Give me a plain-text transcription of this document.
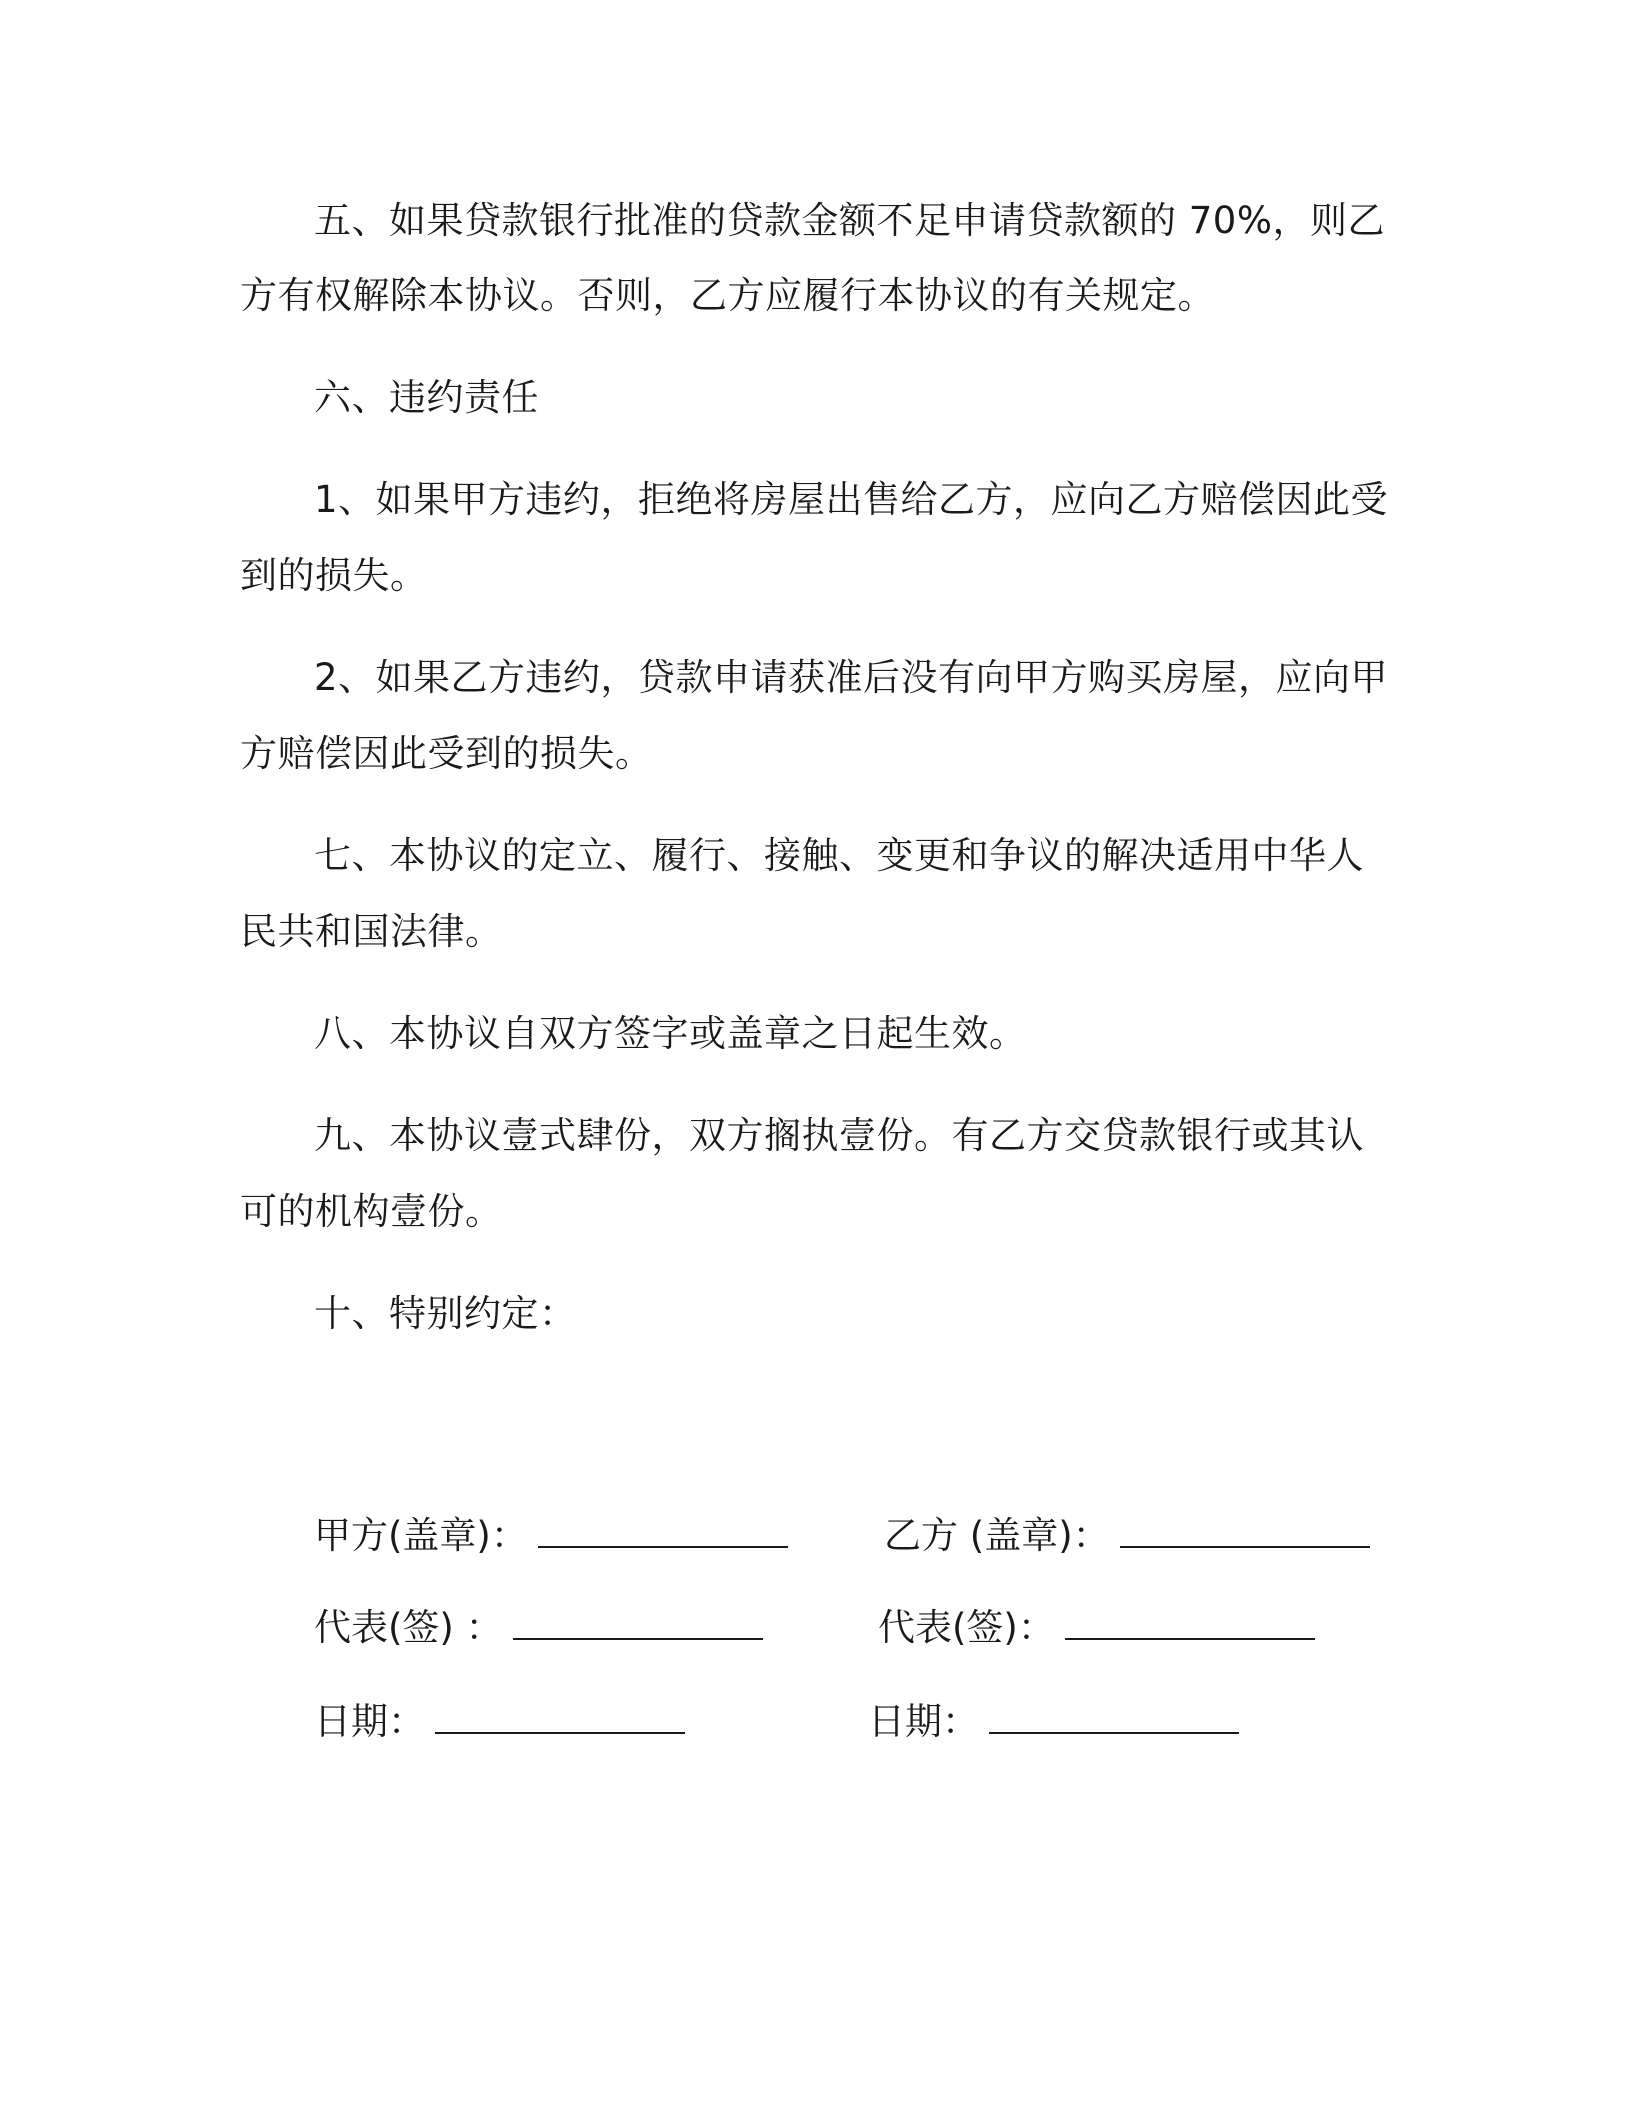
五、如果贷款银行批准的贷款金额不足申请贷款额的 70%，则乙
方有权解除本协议。否则，乙方应履行本协议的有关规定。
六、违约责任
1、如果甲方违约，拒绝将房屋出售给乙方，应向乙方赔偿因此受
到的损失。
2、如果乙方违约，贷款申请获准后没有向甲方购买房屋，应向甲
方赔偿因此受到的损失。
七、本协议的定立、履行、接触、变更和争议的解决适用中华人
民共和国法律。
八、本协议自双方签字或盖章之日起生效。
九、本协议壹式肆份，双方搁执壹份。有乙方交贷款银行或其认
可的机构壹份。
十、特别约定：
甲方(盖章)：
代表(签) ：
日期：
乙方 (盖章)：
代表(签)：
日期：
